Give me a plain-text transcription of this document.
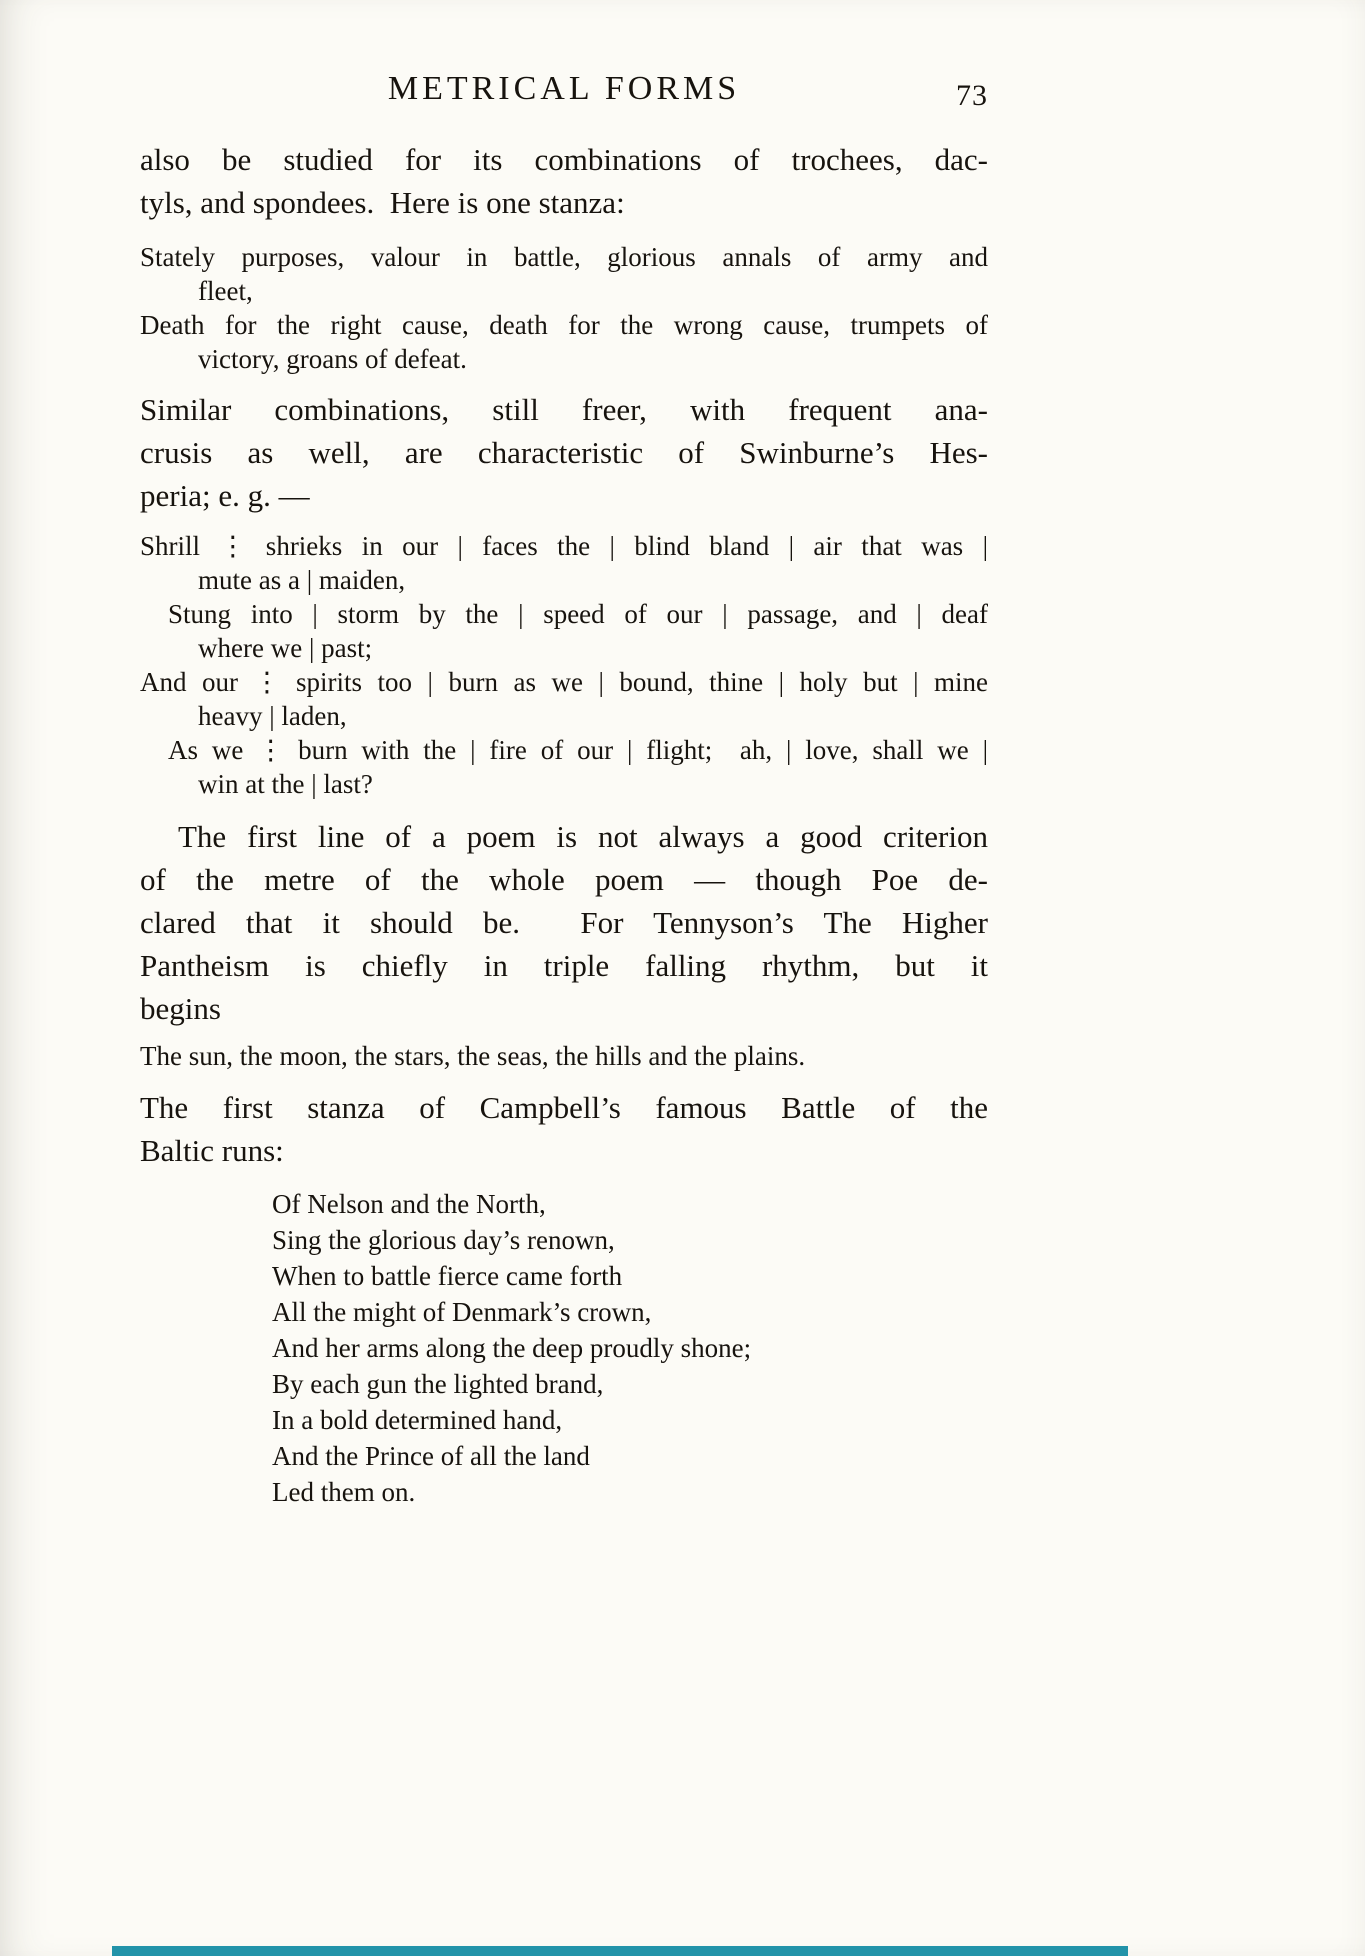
METRICAL FORMS	73
also be studied for its combinations of trochees, dac-
tyls, and spondees.  Here is one stanza:
Stately purposes, valour in battle, glorious annals of army and
fleet,
Death for the right cause, death for the wrong cause, trumpets of
victory, groans of defeat.
Similar combinations, still freer, with frequent ana-
crusis as well, are characteristic of Swinburne’s Hes-
peria; e. g. —
Shrill ⋮ shrieks in our | faces the | blind bland | air that was |
mute as a | maiden,
Stung into | storm by the | speed of our | passage, and | deaf
where we | past;
And our ⋮ spirits too | burn as we | bound, thine | holy but | mine
heavy | laden,
As we ⋮ burn with the | fire of our | flight;  ah, | love, shall we |
win at the | last?
The first line of a poem is not always a good criterion
of the metre of the whole poem — though Poe de-
clared that it should be.  For Tennyson’s The Higher
Pantheism is chiefly in triple falling rhythm, but it
begins
The sun, the moon, the stars, the seas, the hills and the plains.
The first stanza of Campbell’s famous Battle of the
Baltic runs:
Of Nelson and the North,
Sing the glorious day’s renown,
When to battle fierce came forth
All the might of Denmark’s crown,
And her arms along the deep proudly shone;
By each gun the lighted brand,
In a bold determined hand,
And the Prince of all the land
Led them on.
